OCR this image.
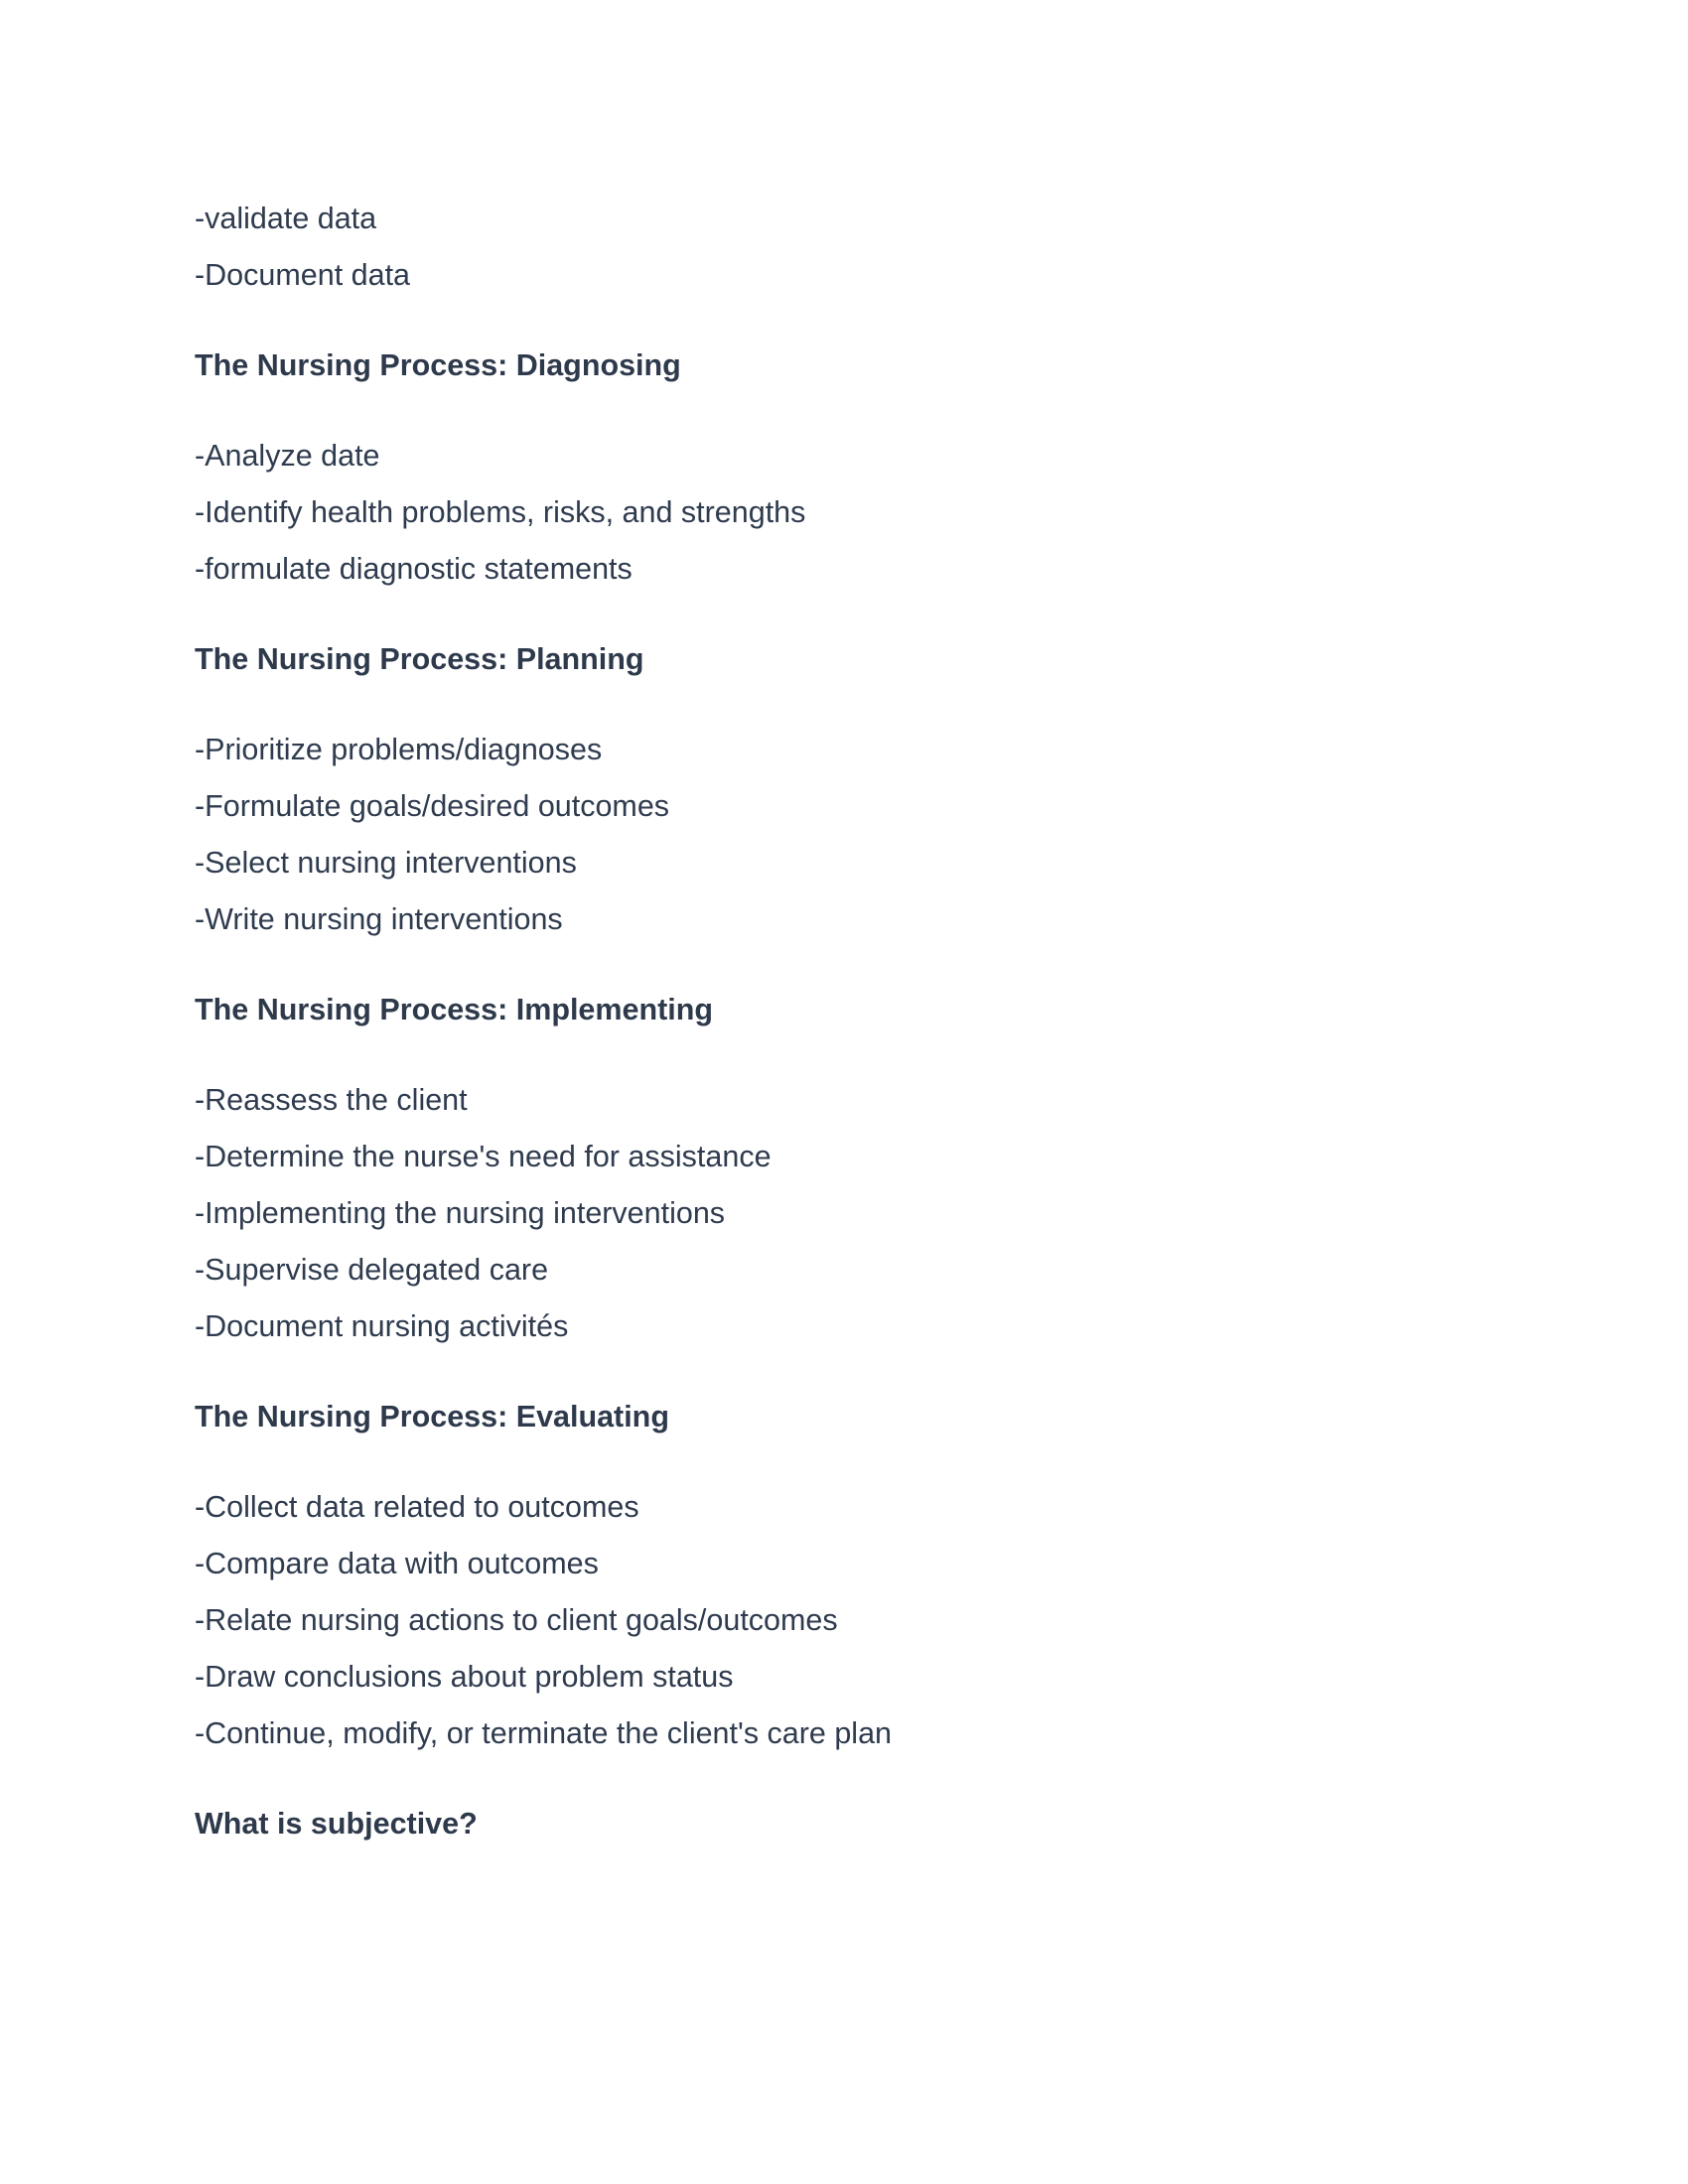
-validate data

-Document data

The Nursing Process: Diagnosing

-Analyze date

-Identify health problems, risks, and strengths

-formulate diagnostic statements

The Nursing Process: Planning

-Prioritize problems/diagnoses

-Formulate goals/desired outcomes

-Select nursing interventions

-Write nursing interventions

The Nursing Process: Implementing

-Reassess the client

-Determine the nurse's need for assistance

-Implementing the nursing interventions

-Supervise delegated care

-Document nursing activités

The Nursing Process: Evaluating

-Collect data related to outcomes

-Compare data with outcomes

-Relate nursing actions to client goals/outcomes

-Draw conclusions about problem status

-Continue, modify, or terminate the client's care plan

What is subjective?
